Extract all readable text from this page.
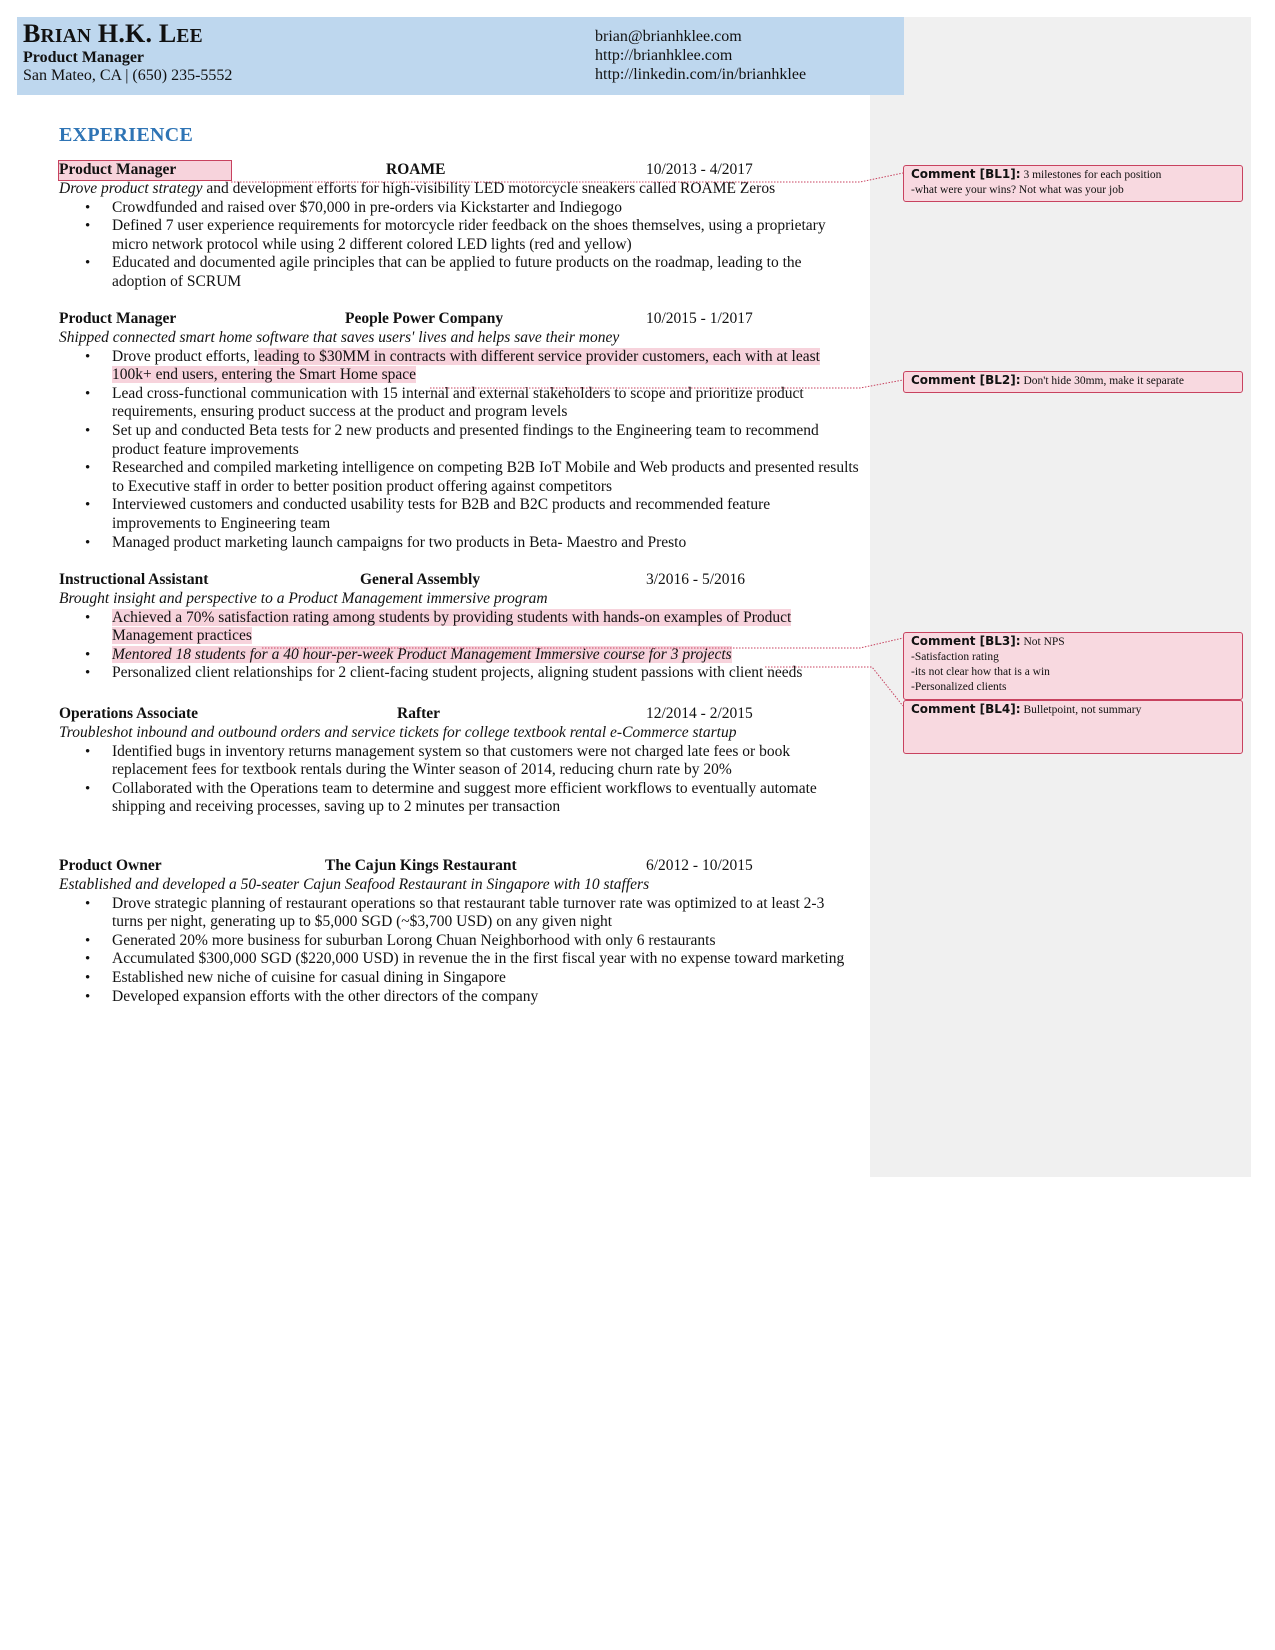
BRIAN H.K. LEE
Product Manager
San Mateo, CA | (650) 235-5552
brian@brianhklee.com
http://brianhklee.com
http://linkedin.com/in/brianhklee
EXPERIENCE
Product Manager	ROAME	10/2013 - 4/2017
Drove product strategy and development efforts for high-visibility LED motorcycle sneakers called ROAME Zeros
• Crowdfunded and raised over $70,000 in pre-orders via Kickstarter and Indiegogo
• Defined 7 user experience requirements for motorcycle rider feedback on the shoes themselves, using a proprietary micro network protocol while using 2 different colored LED lights (red and yellow)
• Educated and documented agile principles that can be applied to future products on the roadmap, leading to the adoption of SCRUM
Product Manager	People Power Company	10/2015 - 1/2017
Shipped connected smart home software that saves users' lives and helps save their money
• Drove product efforts, leading to $30MM in contracts with different service provider customers, each with at least 100k+ end users, entering the Smart Home space
• Lead cross-functional communication with 15 internal and external stakeholders to scope and prioritize product requirements, ensuring product success at the product and program levels
• Set up and conducted Beta tests for 2 new products and presented findings to the Engineering team to recommend product feature improvements
• Researched and compiled marketing intelligence on competing B2B IoT Mobile and Web products and presented results to Executive staff in order to better position product offering against competitors
• Interviewed customers and conducted usability tests for B2B and B2C products and recommended feature improvements to Engineering team
• Managed product marketing launch campaigns for two products in Beta- Maestro and Presto
Instructional Assistant	General Assembly	3/2016 - 5/2016
Brought insight and perspective to a Product Management immersive program
• Achieved a 70% satisfaction rating among students by providing students with hands-on examples of Product Management practices
• Mentored 18 students for a 40 hour-per-week Product Management Immersive course for 3 projects
• Personalized client relationships for 2 client-facing student projects, aligning student passions with client needs
Operations Associate	Rafter	12/2014 - 2/2015
Troubleshot inbound and outbound orders and service tickets for college textbook rental e-Commerce startup
• Identified bugs in inventory returns management system so that customers were not charged late fees or book replacement fees for textbook rentals during the Winter season of 2014, reducing churn rate by 20%
• Collaborated with the Operations team to determine and suggest more efficient workflows to eventually automate shipping and receiving processes, saving up to 2 minutes per transaction
Product Owner	The Cajun Kings Restaurant	6/2012 - 10/2015
Established and developed a 50-seater Cajun Seafood Restaurant in Singapore with 10 staffers
• Drove strategic planning of restaurant operations so that restaurant table turnover rate was optimized to at least 2-3 turns per night, generating up to $5,000 SGD (~$3,700 USD) on any given night
• Generated 20% more business for suburban Lorong Chuan Neighborhood with only 6 restaurants
• Accumulated $300,000 SGD ($220,000 USD) in revenue the in the first fiscal year with no expense toward marketing
• Established new niche of cuisine for casual dining in Singapore
• Developed expansion efforts with the other directors of the company
Comment [BL1]: 3 milestones for each position
-what were your wins? Not what was your job
Comment [BL2]: Don't hide 30mm, make it separate
Comment [BL3]: Not NPS
-Satisfaction rating
-its not clear how that is a win
-Personalized clients
Comment [BL4]: Bulletpoint, not summary
